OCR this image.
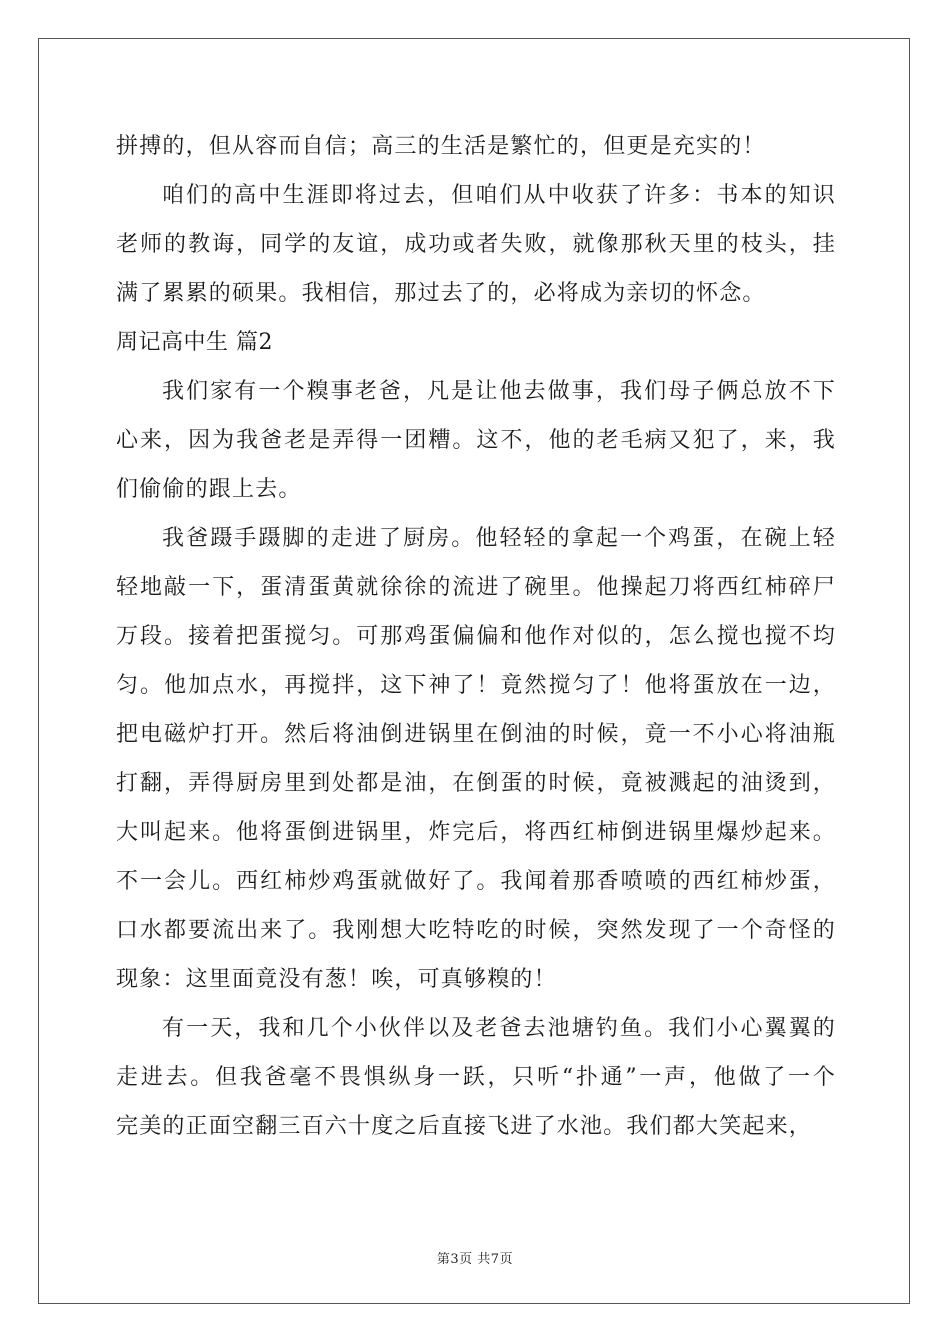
拼搏的，但从容而自信；高三的生活是繁忙的，但更是充实的！
咱们的高中生涯即将过去，但咱们从中收获了许多：书本的知识
老师的教诲，同学的友谊，成功或者失败，就像那秋天里的枝头，挂
满了累累的硕果。我相信，那过去了的，必将成为亲切的怀念。
周记高中生 篇2
我们家有一个糗事老爸，凡是让他去做事，我们母子俩总放不下
心来，因为我爸老是弄得一团糟。这不，他的老毛病又犯了，来，我
们偷偷的跟上去。
我爸蹑手蹑脚的走进了厨房。他轻轻的拿起一个鸡蛋，在碗上轻
轻地敲一下，蛋清蛋黄就徐徐的流进了碗里。他操起刀将西红柿碎尸
万段。接着把蛋搅匀。可那鸡蛋偏偏和他作对似的，怎么搅也搅不均
匀。他加点水，再搅拌，这下神了！竟然搅匀了！他将蛋放在一边，
把电磁炉打开。然后将油倒进锅里在倒油的时候，竟一不小心将油瓶
打翻，弄得厨房里到处都是油，在倒蛋的时候，竟被溅起的油烫到，
大叫起来。他将蛋倒进锅里，炸完后，将西红柿倒进锅里爆炒起来。
不一会儿。西红柿炒鸡蛋就做好了。我闻着那香喷喷的西红柿炒蛋，
口水都要流出来了。我刚想大吃特吃的时候，突然发现了一个奇怪的
现象：这里面竟没有葱！唉，可真够糗的！
有一天，我和几个小伙伴以及老爸去池塘钓鱼。我们小心翼翼的
走进去。但我爸毫不畏惧纵身一跃，只听“扑通”一声，他做了一个
完美的正面空翻三百六十度之后直接飞进了水池。我们都大笑起来，
第3页 共7页
